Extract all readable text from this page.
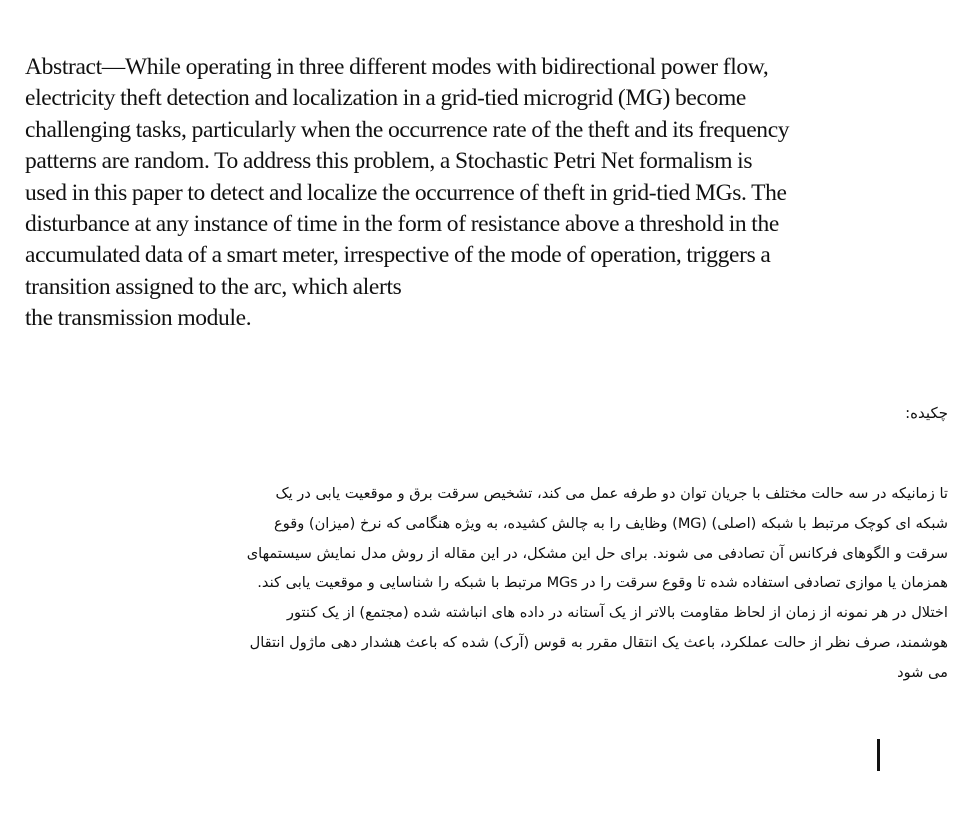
Abstract—While operating in three different modes with bidirectional power flow,
electricity theft detection and localization in a grid-tied microgrid (MG) become
challenging tasks, particularly when the occurrence rate of the theft and its frequency
patterns are random. To address this problem, a Stochastic Petri Net formalism is
used in this paper to detect and localize the occurrence of theft in grid-tied MGs. The
disturbance at any instance of time in the form of resistance above a threshold in the
accumulated data of a smart meter, irrespective of the mode of operation, triggers a
transition assigned to the arc, which alerts
the transmission module.
چکیده:
تا زمانیکه در سه حالت مختلف با جریان توان دو طرفه عمل می کند، تشخیص سرقت برق و موقعیت یابی در یک
شبکه ای کوچک مرتبط با شبکه (اصلی) (MG) وظایف را به چالش کشیده، به ویژه هنگامی که نرخ (میزان) وقوع
سرقت و الگوهای فرکانس آن تصادفی می شوند. برای حل این مشکل، در این مقاله از روش مدل نمایش سیستمهای
همزمان یا موازی تصادفی استفاده شده تا وقوع سرقت را در MGs مرتبط با شبکه را شناسایی و موقعیت یابی کند.
اختلال در هر نمونه از زمان از لحاظ مقاومت بالاتر از یک آستانه در داده های انباشته شده (مجتمع) از یک کنتور
هوشمند، صرف نظر از حالت عملکرد، باعث یک انتقال مقرر به قوس (آرک) شده که باعث هشدار دهی ماژول انتقال
می شود
